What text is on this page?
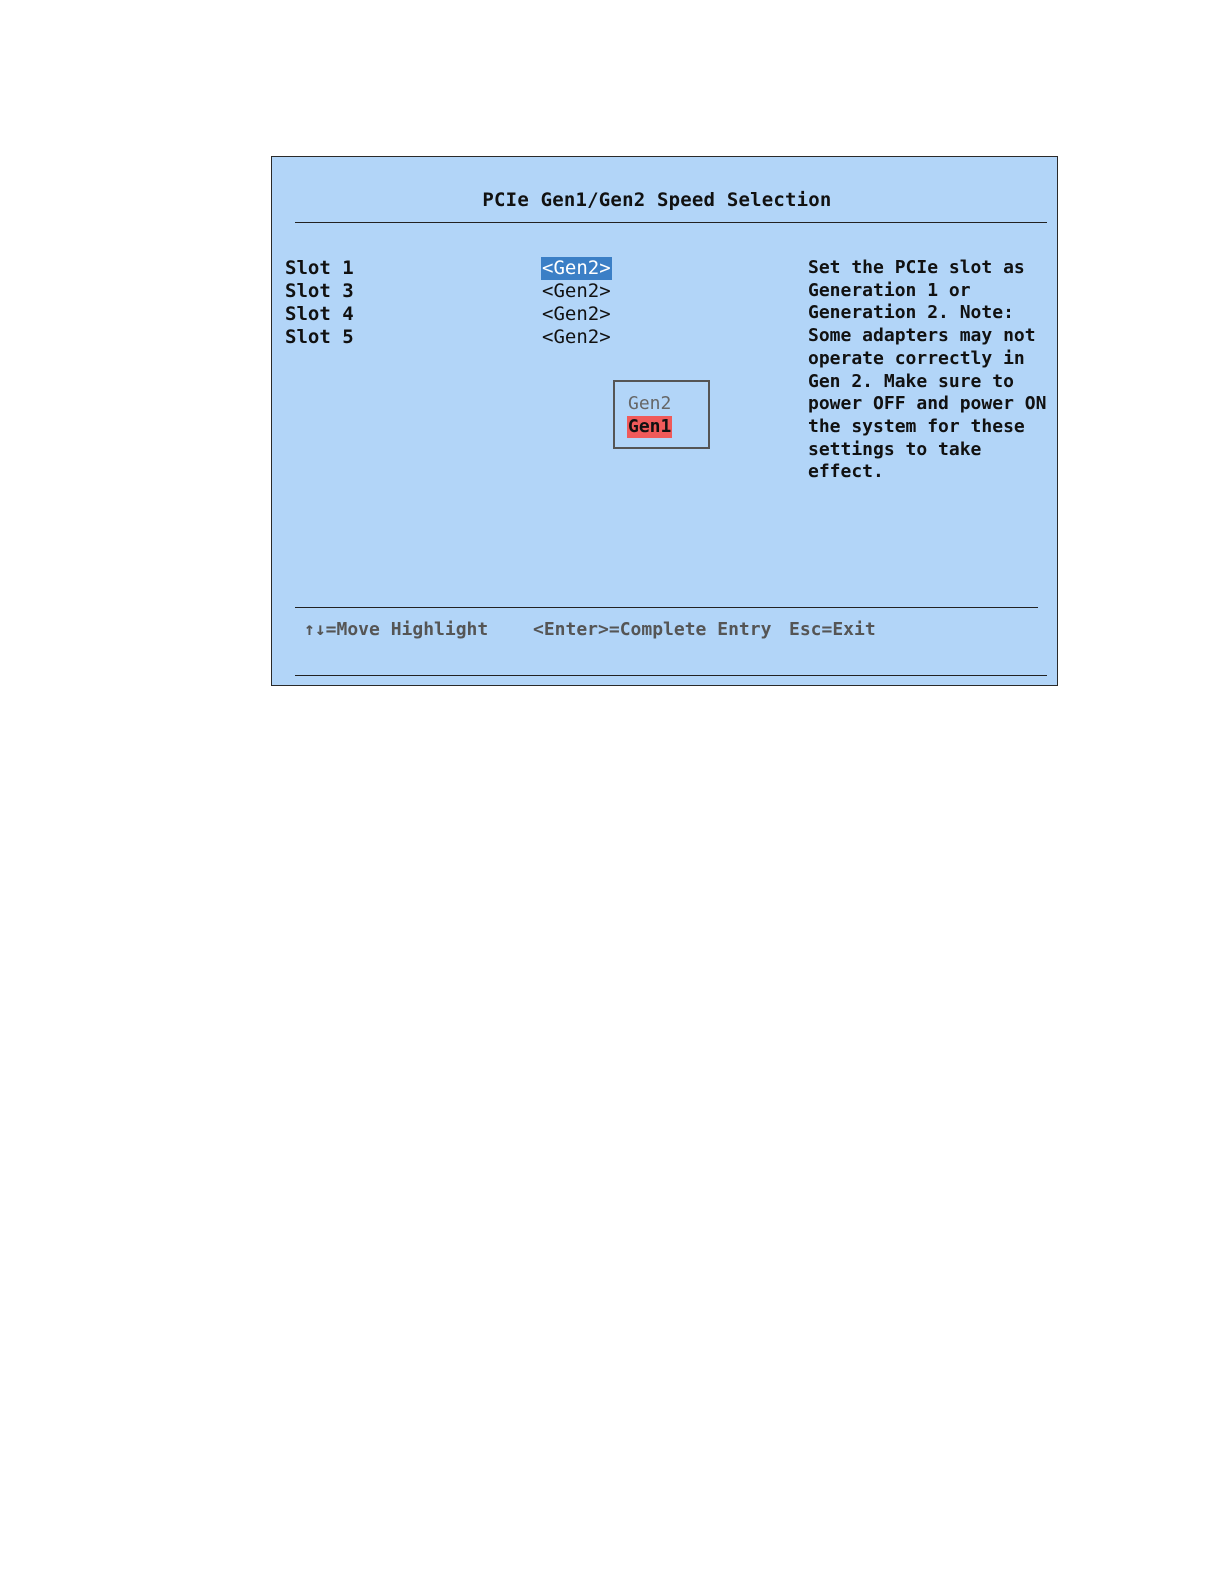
PCIe Gen1/Gen2 Speed Selection
Slot 1	<Gen2>
Slot 3	<Gen2>
Slot 4	<Gen2>
Slot 5	<Gen2>
Gen2
Gen1
Set the PCIe slot as
Generation 1 or
Generation 2. Note:
Some adapters may not
operate correctly in
Gen 2. Make sure to
power OFF and power ON
the system for these
settings to take
effect.
↑↓=Move Highlight <Enter>=Complete Entry Esc=Exit
